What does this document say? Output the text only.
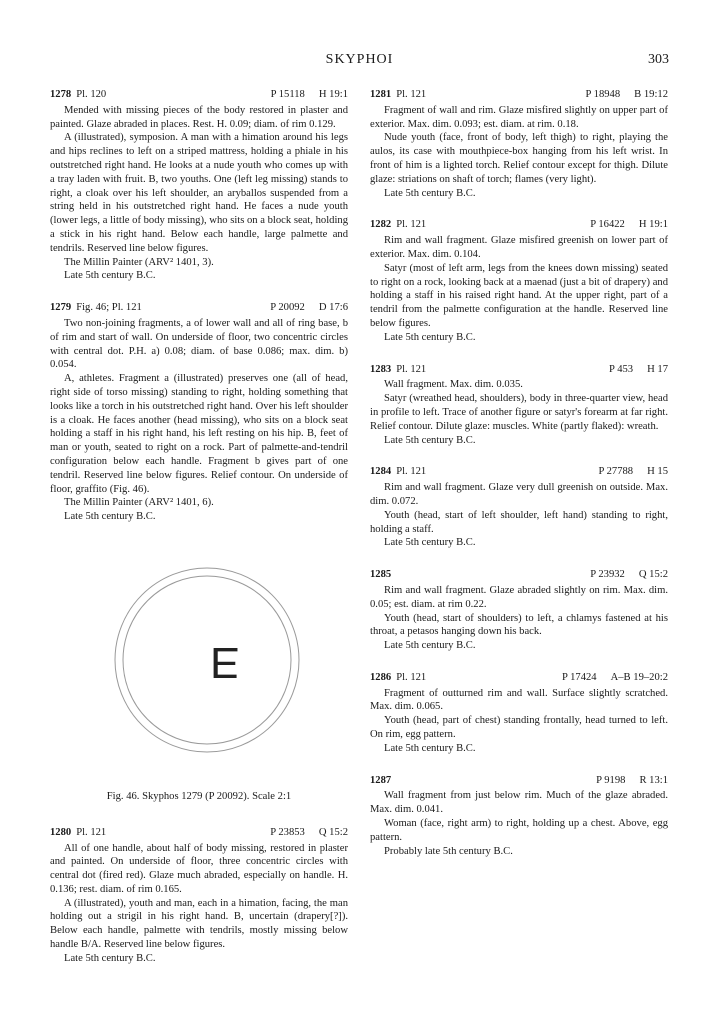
SKYPHOI	303
1278 Pl. 120	P 15118 H 19:1

Mended with missing pieces of the body restored in plaster and painted. Glaze abraded in places. Rest. H. 0.09; diam. of rim 0.129.

A (illustrated), symposion. A man with a himation around his legs and hips reclines to left on a striped mattress, holding a phiale in his outstretched right hand. He looks at a nude youth who comes up with a tray laden with fruit. B, two youths. One (left leg missing) stands to right, a cloak over his left shoulder, an aryballos suspended from a string held in his outstretched right hand. He faces a nude youth (lower legs, a little of body missing), who sits on a block seat, holding a stick in his right hand. Below each handle, large palmette and tendrils. Reserved line below figures.

The Millin Painter (ARV² 1401, 3).

Late 5th century B.C.

1279 Fig. 46; Pl. 121	P 20092 D 17:6

Two non-joining fragments, a of lower wall and all of ring base, b of rim and start of wall. On underside of floor, two concentric circles with central dot. P.H. a) 0.08; diam. of base 0.086; max. dim. b) 0.054.

A, athletes. Fragment a (illustrated) preserves one (all of head, right side of torso missing) standing to right, holding something that looks like a torch in his outstretched right hand. Over his left shoulder is a cloak. He faces another (head missing), who sits on a block seat holding a staff in his right hand, his left resting on his hip. B, feet of man or youth, seated to right on a rock. Part of palmette-and-tendril configuration below each handle. Fragment b gives part of one tendril. Reserved line below figures. Relief contour. On underside of floor, graffito (Fig. 46).

The Millin Painter (ARV² 1401, 6).

Late 5th century B.C.

E
Fig. 46. Skyphos 1279 (P 20092). Scale 2:1
1280 Pl. 121	P 23853 Q 15:2

All of one handle, about half of body missing, restored in plaster and painted. On underside of floor, three concentric circles with central dot (fired red). Glaze much abraded, especially on handle. H. 0.136; rest. diam. of rim 0.165.

A (illustrated), youth and man, each in a himation, facing, the man holding out a strigil in his right hand. B, uncertain (drapery[?]). Below each handle, palmette with tendrils, mostly missing below handle B/A. Reserved line below figures.

Late 5th century B.C.

1281 Pl. 121	P 18948 B 19:12

Fragment of wall and rim. Glaze misfired slightly on upper part of exterior. Max. dim. 0.093; est. diam. at rim. 0.18.

Nude youth (face, front of body, left thigh) to right, playing the aulos, its case with mouthpiece-box hanging from his left wrist. In front of him is a lighted torch. Relief contour except for thigh. Dilute glaze: striations on shaft of torch; flames (very light).

Late 5th century B.C.

1282 Pl. 121	P 16422 H 19:1

Rim and wall fragment. Glaze misfired greenish on lower part of exterior. Max. dim. 0.104.

Satyr (most of left arm, legs from the knees down missing) seated to right on a rock, looking back at a maenad (just a bit of drapery) and holding a staff in his raised right hand. At the upper right, part of a tendril from the palmette configuration at the handle. Reserved line below figures.

Late 5th century B.C.

1283 Pl. 121	P 453 H 17

Wall fragment. Max. dim. 0.035.

Satyr (wreathed head, shoulders), body in three-quarter view, head in profile to left. Trace of another figure or satyr's forearm at far right. Relief contour. Dilute glaze: muscles. White (partly flaked): wreath.

Late 5th century B.C.

1284 Pl. 121	P 27788 H 15

Rim and wall fragment. Glaze very dull greenish on outside. Max. dim. 0.072.

Youth (head, start of left shoulder, left hand) standing to right, holding a staff.

Late 5th century B.C.

1285	P 23932 Q 15:2

Rim and wall fragment. Glaze abraded slightly on rim. Max. dim. 0.05; est. diam. at rim 0.22.

Youth (head, start of shoulders) to left, a chlamys fastened at his throat, a petasos hanging down his back.

Late 5th century B.C.

1286 Pl. 121	P 17424 A–B 19–20:2

Fragment of outturned rim and wall. Surface slightly scratched. Max. dim. 0.065.

Youth (head, part of chest) standing frontally, head turned to left. On rim, egg pattern.

Late 5th century B.C.

1287	P 9198 R 13:1

Wall fragment from just below rim. Much of the glaze abraded. Max. dim. 0.041.

Woman (face, right arm) to right, holding up a chest. Above, egg pattern.

Probably late 5th century B.C.
